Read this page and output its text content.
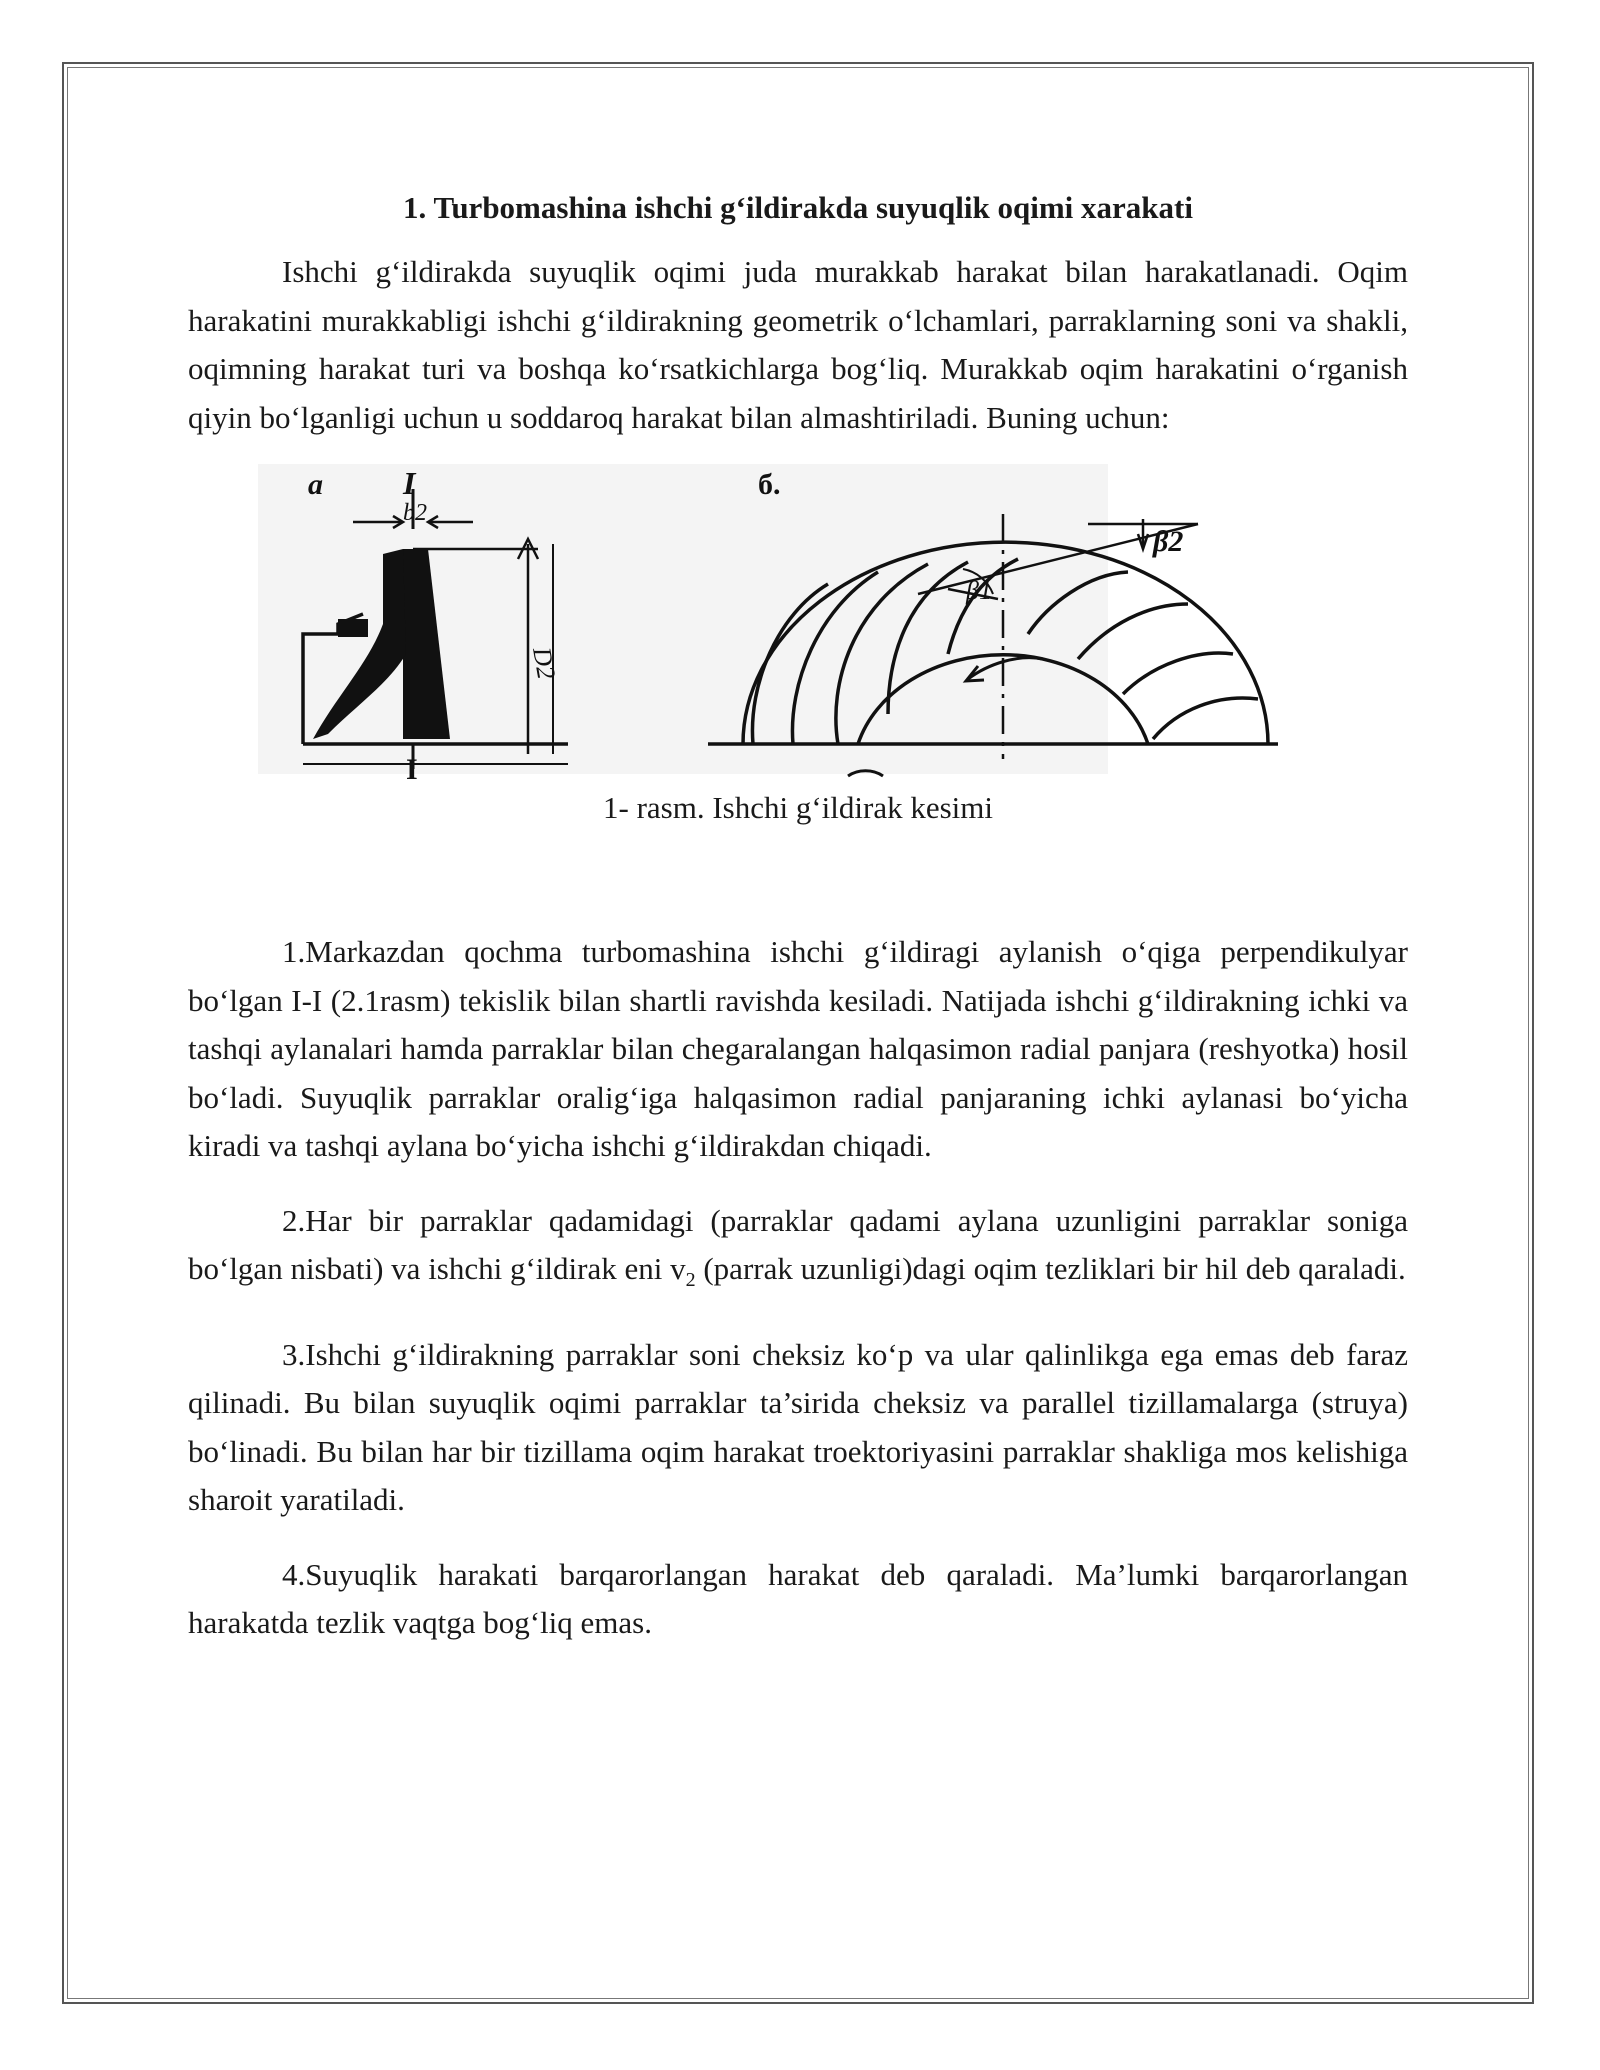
1. Turbomashina ishchi g‘ildirakda suyuqlik oqimi xarakati

Ishchi g‘ildirakda suyuqlik oqimi juda murakkab harakat bilan harakatlanadi. Oqim harakatini murakkabligi ishchi g‘ildirakning geometrik o‘lchamlari, parraklarning soni va shakli, oqimning harakat turi va boshqa ko‘rsatkichlarga bog‘liq. Murakkab oqim harakatini o‘rganish qiyin bo‘lganligi uchun u soddaroq harakat bilan almashtiriladi. Buning uchun:

a	I
I
b2
D2
б.
β1
β2
1- rasm. Ishchi g‘ildirak kesimi

1.Markazdan qochma turbomashina ishchi g‘ildiragi aylanish o‘qiga perpendikulyar bo‘lgan I-I (2.1rasm) tekislik bilan shartli ravishda kesiladi. Natijada ishchi g‘ildirakning ichki va tashqi aylanalari hamda parraklar bilan chegaralangan halqasimon radial panjara (reshyotka) hosil bo‘ladi. Suyuqlik parraklar oralig‘iga halqasimon radial panjaraning ichki aylanasi bo‘yicha kiradi va tashqi aylana bo‘yicha ishchi g‘ildirakdan chiqadi.

2.Har bir parraklar qadamidagi (parraklar qadami aylana uzunligini parraklar soniga bo‘lgan nisbati) va ishchi g‘ildirak eni $v_2$ (parrak uzunligi)dagi oqim tezliklari bir hil deb qaraladi.

3.Ishchi g‘ildirakning parraklar soni cheksiz ko‘p va ular qalinlikga ega emas deb faraz qilinadi. Bu bilan suyuqlik oqimi parraklar ta’sirida cheksiz va parallel tizillamalarga (struya) bo‘linadi. Bu bilan har bir tizillama oqim harakat troektoriyasini parraklar shakliga mos kelishiga sharoit yaratiladi.

4.Suyuqlik harakati barqarorlangan harakat deb qaraladi. Ma’lumki barqarorlangan harakatda tezlik vaqtga bog‘liq emas.
